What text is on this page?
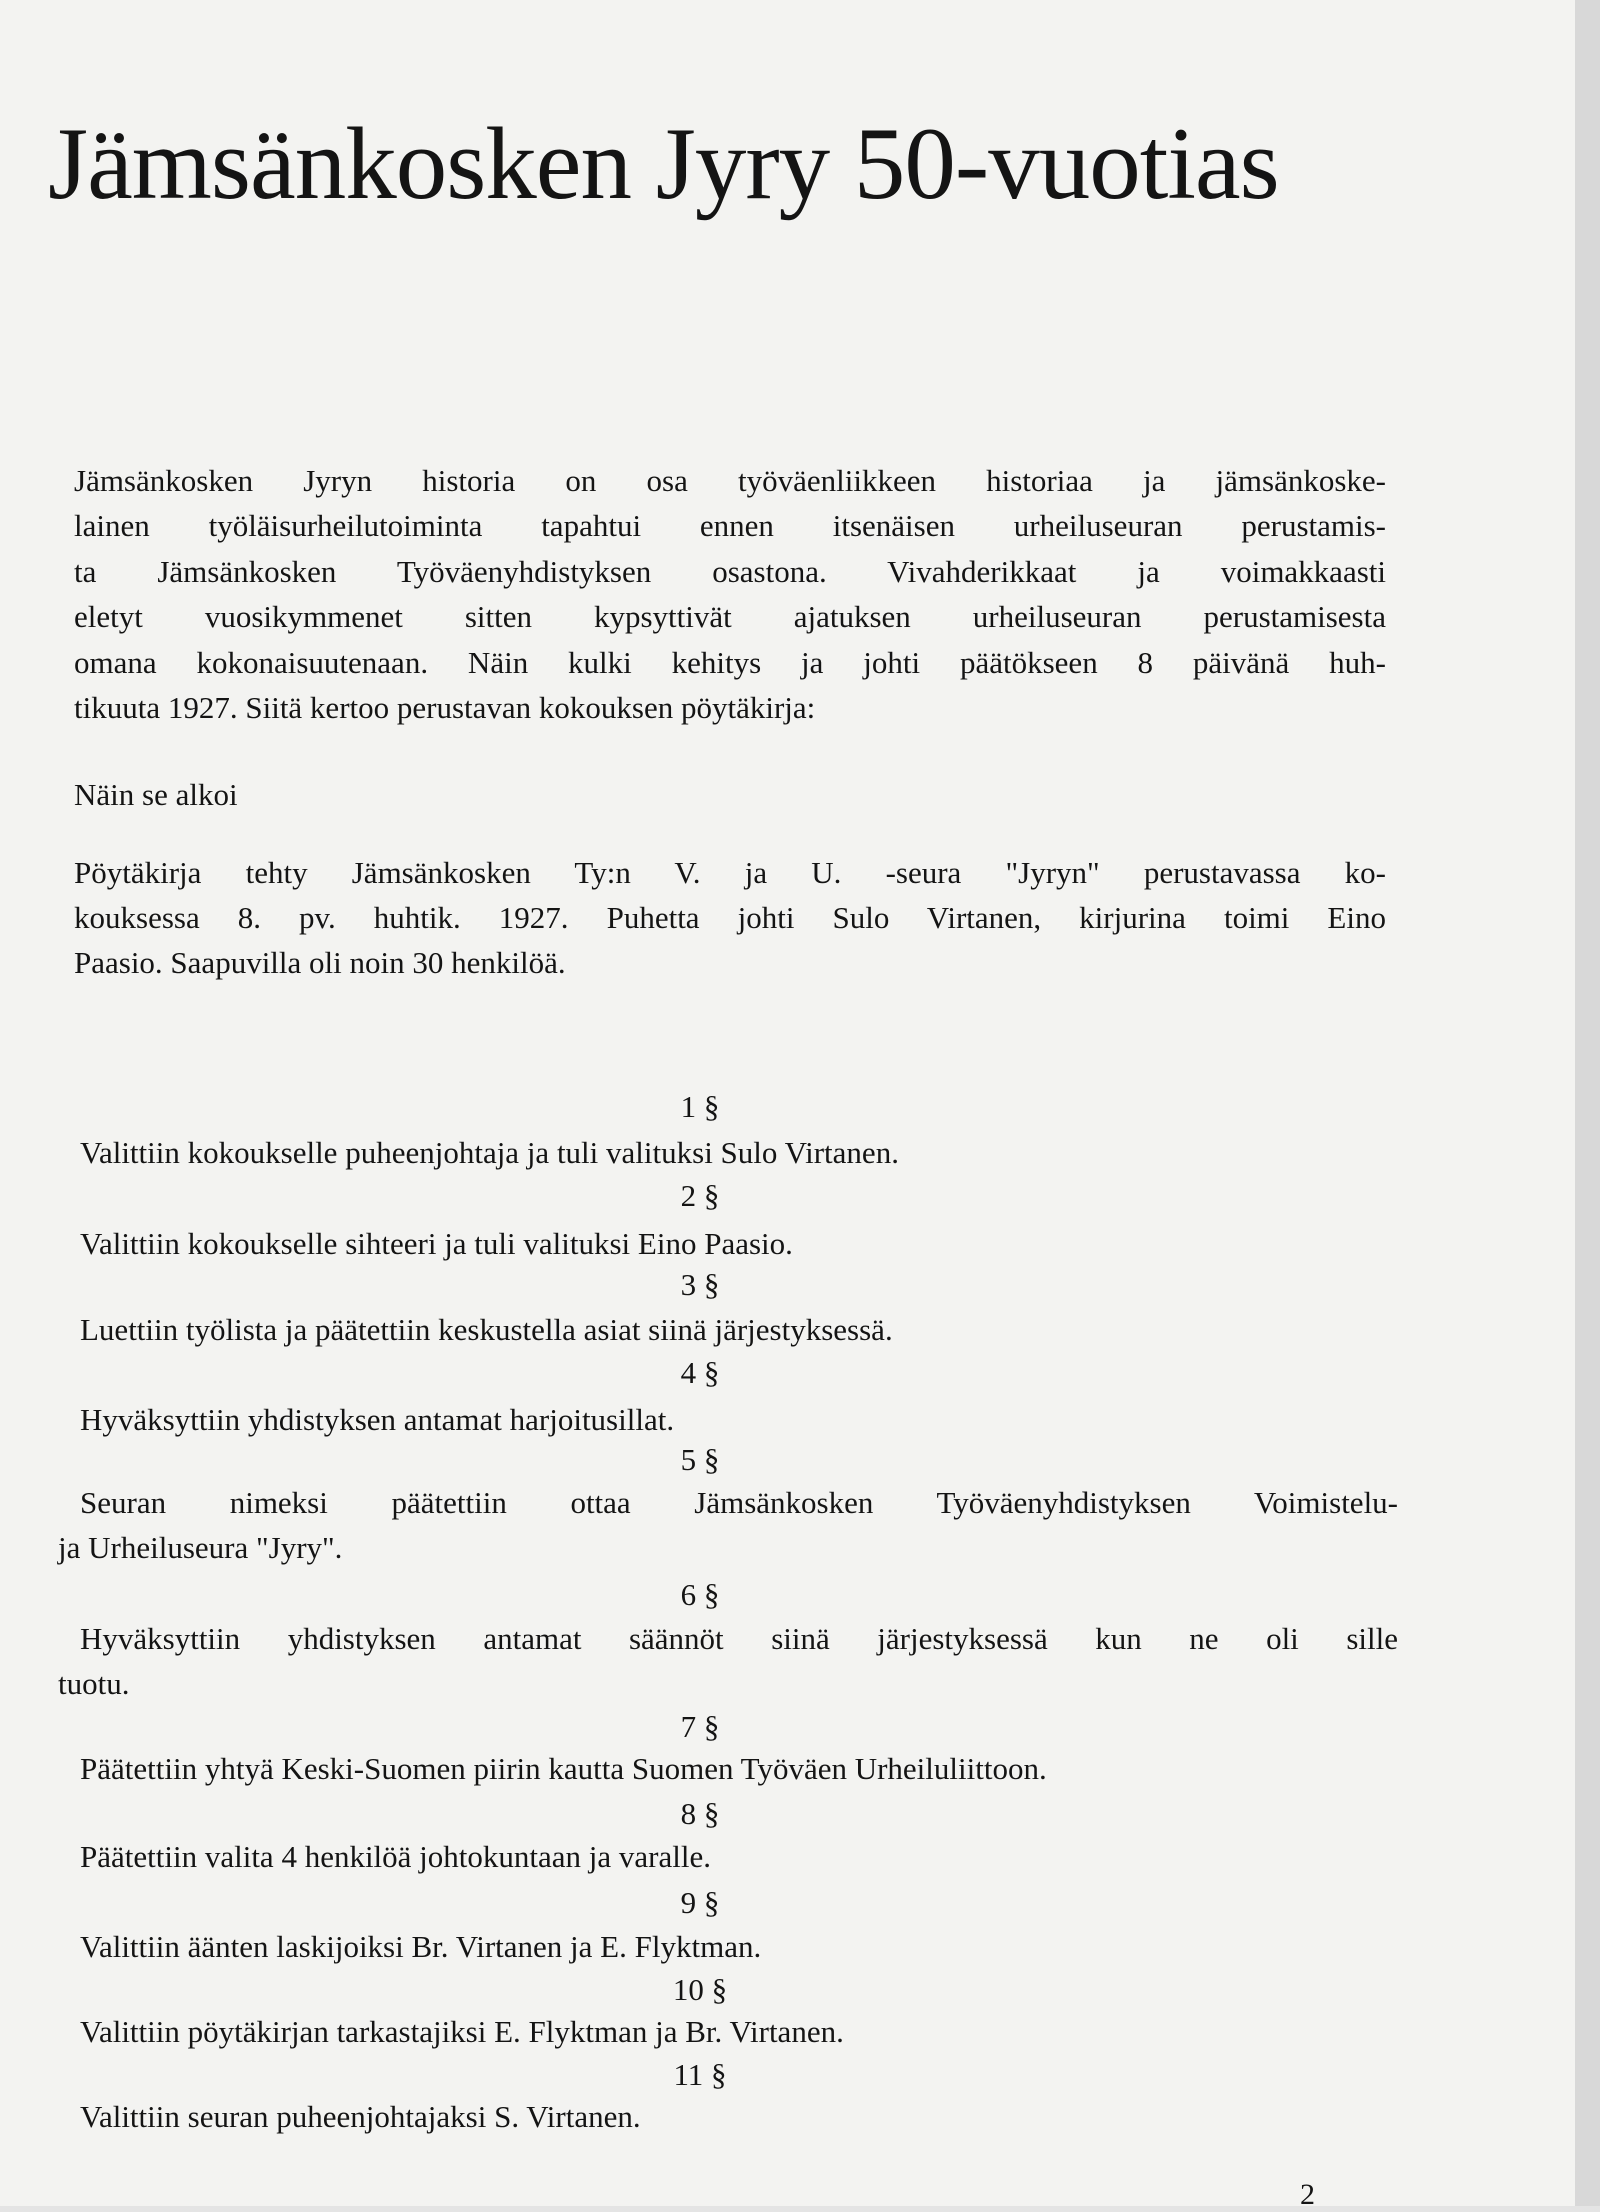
Jämsänkosken Jyry 50-vuotias
Jämsänkosken Jyryn historia on osa työväenliikkeen historiaa ja jämsänkoske-
lainen työläisurheilutoiminta tapahtui ennen itsenäisen urheiluseuran perustamis-
ta Jämsänkosken Työväenyhdistyksen osastona. Vivahderikkaat ja voimakkaasti
eletyt vuosikymmenet sitten kypsyttivät ajatuksen urheiluseuran perustamisesta
omana kokonaisuutenaan. Näin kulki kehitys ja johti päätökseen 8 päivänä huh-
tikuuta 1927. Siitä kertoo perustavan kokouksen pöytäkirja:
Näin se alkoi
Pöytäkirja tehty Jämsänkosken Ty:n V. ja U. -seura "Jyryn" perustavassa ko-
kouksessa 8. pv. huhtik. 1927. Puhetta johti Sulo Virtanen, kirjurina toimi Eino
Paasio. Saapuvilla oli noin 30 henkilöä.
1 §
Valittiin kokoukselle puheenjohtaja ja tuli valituksi Sulo Virtanen.
2 §
Valittiin kokoukselle sihteeri ja tuli valituksi Eino Paasio.
3 §
Luettiin työlista ja päätettiin keskustella asiat siinä järjestyksessä.
4 §
Hyväksyttiin yhdistyksen antamat harjoitusillat.
5 §
Seuran nimeksi päätettiin ottaa Jämsänkosken Työväenyhdistyksen Voimistelu-
ja Urheiluseura "Jyry".
6 §
Hyväksyttiin yhdistyksen antamat säännöt siinä järjestyksessä kun ne oli sille
tuotu.
7 §
Päätettiin yhtyä Keski-Suomen piirin kautta Suomen Työväen Urheiluliittoon.
8 §
Päätettiin valita 4 henkilöä johtokuntaan ja varalle.
9 §
Valittiin äänten laskijoiksi Br. Virtanen ja E. Flyktman.
10 §
Valittiin pöytäkirjan tarkastajiksi E. Flyktman ja Br. Virtanen.
11 §
Valittiin seuran puheenjohtajaksi S. Virtanen.
2
